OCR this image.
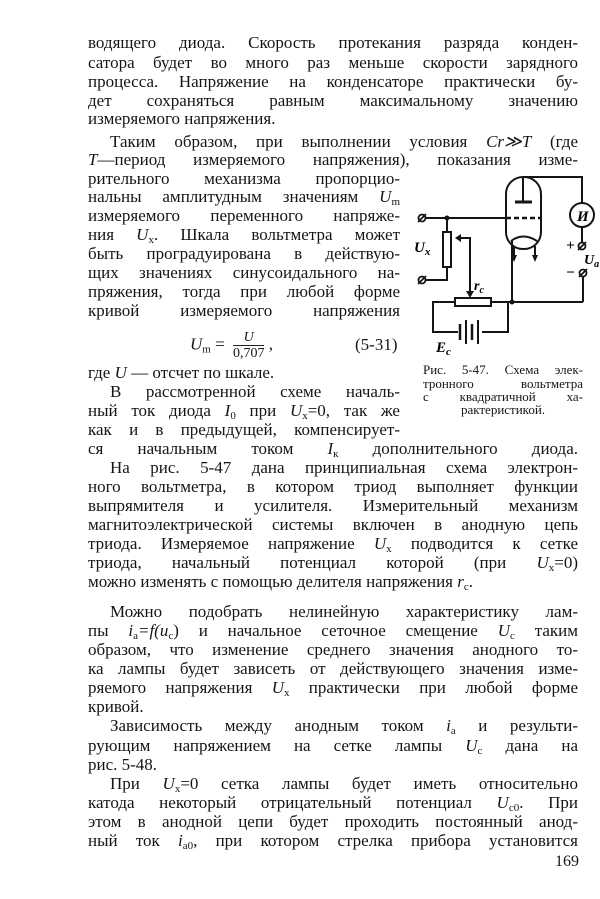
водящего диода. Скорость протекания разряда конден-
сатора будет во много раз меньше скорости зарядного
процесса. Напряжение на конденсаторе практически бу-
дет сохраняться равным максимальному значению
измеряемого напряжения.
Таким образом, при выполнении условия Cr≫T (где
T—период измеряемого напряжения), показания изме-
рительного механизма пропорцио-
нальны амплитудным значениям $U_m$
измеряемого переменного напряже-
ния $U_x$. Шкала вольтметра может
быть проградуирована в действую-
щих значениях синусоидального на-
пряжения, тогда при любой форме
кривой измеряемого напряжения
$U_m = \frac{U}{0,707}$ ,	(5-31)
где U — отсчет по шкале.
В рассмотренной схеме началь-
ный ток диода $I_0$ при $U_x=0$, так же
как и в предыдущей, компенсирует-
ся начальным током $I_к$ дополнительного диода.
На рис. 5-47 дана принципиальная схема электрон-
ного вольтметра, в котором триод выполняет функции
выпрямителя и усилителя. Измерительный механизм
магнитоэлектрической системы включен в анодную цепь
триода. Измеряемое напряжение $U_x$ подводится к сетке
триода, начальный потенциал которой (при $U_x=0$)
можно изменять с помощью делителя напряжения $r_c$.
Можно подобрать нелинейную характеристику лам-
пы $i_a=f(u_c)$ и начальное сеточное смещение $U_c$ таким
образом, что изменение среднего значения анодного то-
ка лампы будет зависеть от действующего значения изме-
ряемого напряжения $U_x$ практически при любой форме
кривой.
Зависимость между анодным током $i_a$ и результи-
рующим напряжением на сетке лампы $U_c$ дана на
рис. 5-48.
При $U_x=0$ сетка лампы будет иметь относительно
катода некоторый отрицательный потенциал $U_{c0}$. При
этом в анодной цепи будет проходить постоянный анод-
ный ток $i_{a0}$, при котором стрелка прибора установится
И
$U_x$
$r_c$
$E_c$
+
−
$U_a$
Рис. 5-47. Схема элек-
тронного вольтметра
с квадратичной ха-
рактеристикой.
169
